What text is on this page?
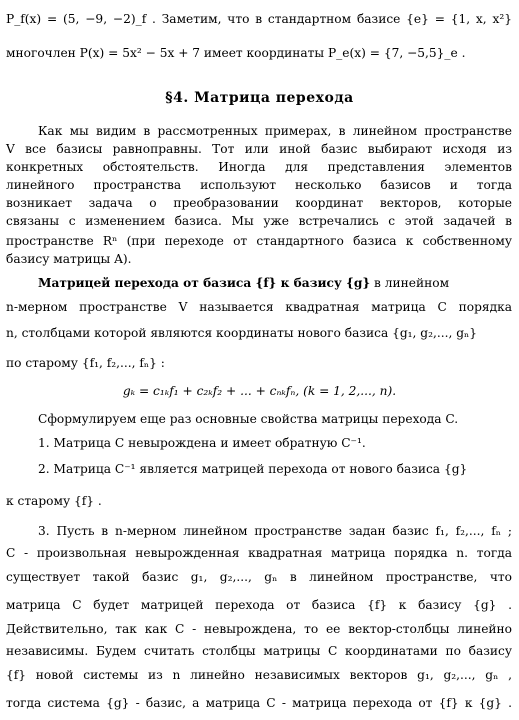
P_f(x) = (5, −9, −2)_f . Заметим, что в стандартном базисе {e} = {1, x, x²}
многочлен P(x) = 5x² − 5x + 7 имеет координаты P_e(x) = {7, −5,5}_e .
§4. Матрица перехода
Как мы видим в рассмотренных примерах, в линейном пространстве
V все базисы равноправны. Тот или иной базис выбирают исходя из
конкретных обстоятельств. Иногда для представления элементов
линейного пространства используют несколько базисов и тогда
возникает задача о преобразовании координат векторов, которые
связаны с изменением базиса. Мы уже встречались с этой задачей в
пространстве Rⁿ (при переходе от стандартного базиса к собственному
базису матрицы A).
Матрицей перехода от базиса {f} к базису {g} в линейном
n-мерном пространстве V называется квадратная матрица C порядка
n, столбцами которой являются координаты нового базиса {g₁, g₂,..., gₙ}
по старому {f₁, f₂,..., fₙ} :
gₖ = c₁ₖf₁ + c₂ₖf₂ + ... + cₙₖfₙ, (k = 1, 2,..., n).
Сформулируем еще раз основные свойства матрицы перехода C.
1. Матрица C невырождена и имеет обратную C⁻¹.
2. Матрица C⁻¹ является матрицей перехода от нового базиса {g}
к старому {f} .
3. Пусть в n-мерном линейном пространстве задан базис f₁, f₂,..., fₙ ;
C - произвольная невырожденная квадратная матрица порядка n. тогда
существует такой базис g₁, g₂,..., gₙ в линейном пространстве, что
матрица C будет матрицей перехода от базиса {f} к базису {g} .
Действительно, так как C - невырождена, то ее вектор-столбцы линейно
независимы. Будем считать столбцы матрицы C координатами по базису
{f} новой системы из n линейно независимых векторов g₁, g₂,..., gₙ ,
тогда система {g} - базис, а матрица C - матрица перехода от {f} к {g} .
